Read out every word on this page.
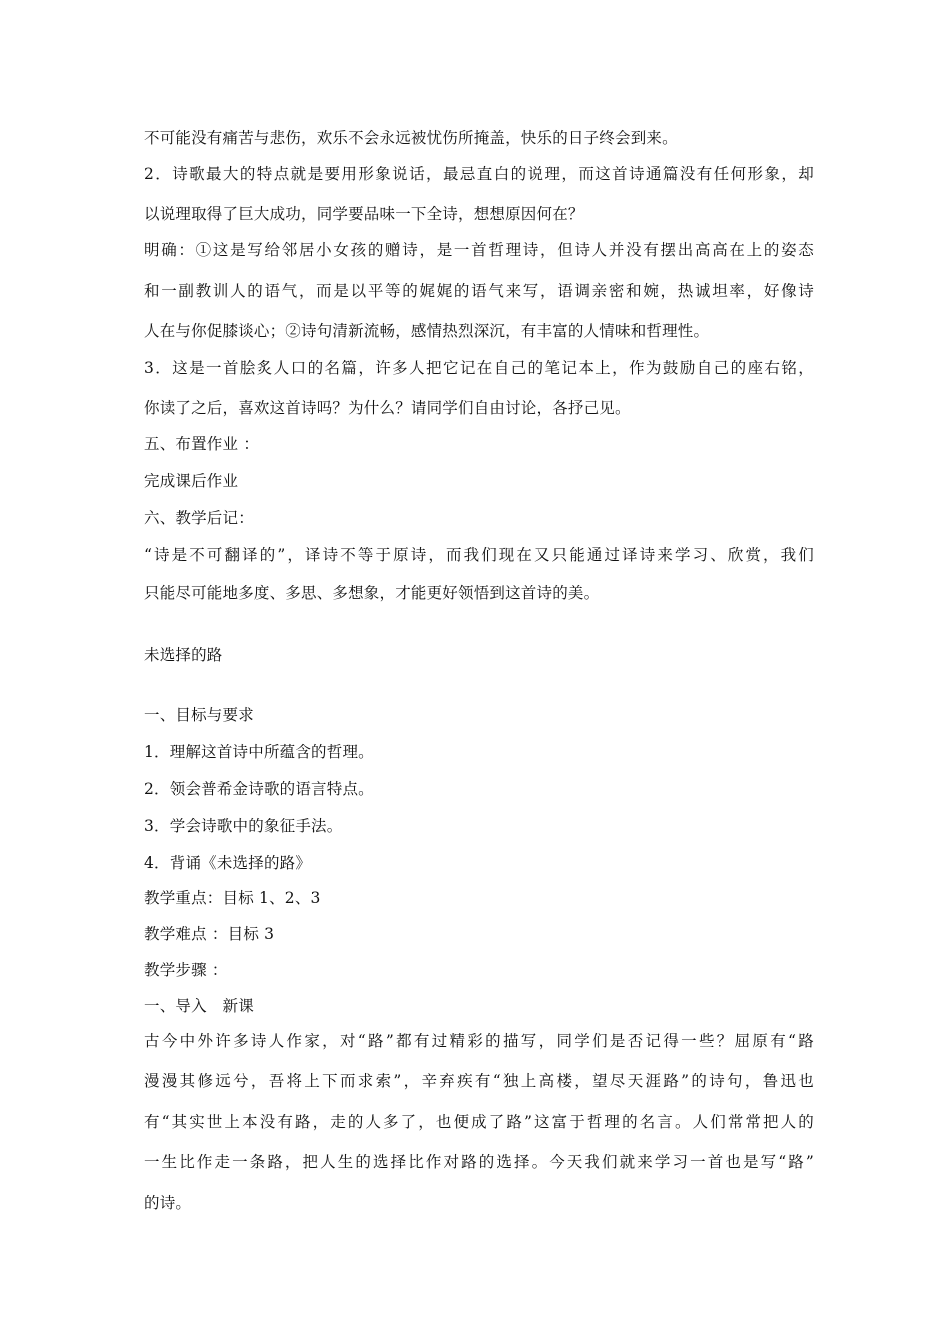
不可能没有痛苦与悲伤，欢乐不会永远被忧伤所掩盖，快乐的日子终会到来。
2．诗歌最大的特点就是要用形象说话，最忌直白的说理，而这首诗通篇没有任何形象，却
以说理取得了巨大成功，同学要品味一下全诗，想想原因何在？
明确：①这是写给邻居小女孩的赠诗，是一首哲理诗，但诗人并没有摆出高高在上的姿态
和一副教训人的语气，而是以平等的娓娓的语气来写，语调亲密和婉，热诚坦率，好像诗
人在与你促膝谈心；②诗句清新流畅，感情热烈深沉，有丰富的人情味和哲理性。
3．这是一首脍炙人口的名篇，许多人把它记在自己的笔记本上，作为鼓励自己的座右铭，
你读了之后，喜欢这首诗吗？为什么？请同学们自由讨论，各抒己见。
五、布置作业 ：
完成课后作业
六、教学后记：
“诗是不可翻译的”，译诗不等于原诗，而我们现在又只能通过译诗来学习、欣赏，我们
只能尽可能地多度、多思、多想象，才能更好领悟到这首诗的美。
未选择的路
一、目标与要求
1．理解这首诗中所蕴含的哲理。
2．领会普希金诗歌的语言特点。
3．学会诗歌中的象征手法。
4．背诵《未选择的路》
教学重点：目标 1、2、3
教学难点 ：目标 3
教学步骤 ：
一、导入　新课
古今中外许多诗人作家，对“路”都有过精彩的描写，同学们是否记得一些？屈原有“路
漫漫其修远兮，吾将上下而求索”，辛弃疾有“独上高楼，望尽天涯路”的诗句，鲁迅也
有“其实世上本没有路，走的人多了，也便成了路”这富于哲理的名言。人们常常把人的
一生比作走一条路，把人生的选择比作对路的选择。今天我们就来学习一首也是写“路”
的诗。
